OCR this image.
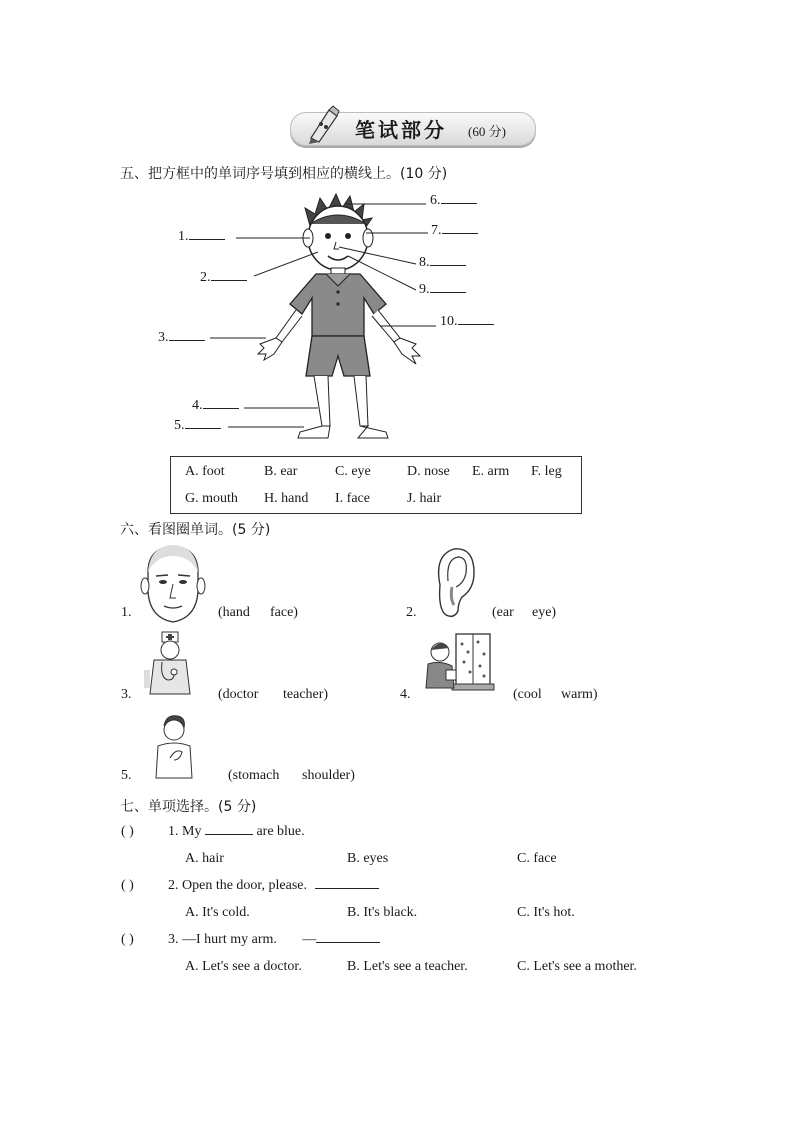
笔试部分 (60 分)
五、把方框中的单词序号填到相应的横线上。(10 分)
1.
2.
3.
4.
5.
6.
7.
8.
9.
10.
A. foot	B. ear	C. eye	D. nose E. arm F. leg
G. mouth H. hand I. face	J. hair
六、看图圈单词。(5 分)
1.	(hand face)	2.	(ear eye)
3.	(doctor teacher)	4.	(cool warm)
5.	(stomach shoulder)
七、单项选择。(5 分)
( ) 1. My	are blue.
A. hair	B. eyes	C. face
( ) 2. Open the door, please.
A. It's cold.	B. It's black.	C. It's hot.
( ) 3. —I hurt my arm. —
A. Let's see a doctor.	B. Let's see a teacher.	C. Let's see a mother.
